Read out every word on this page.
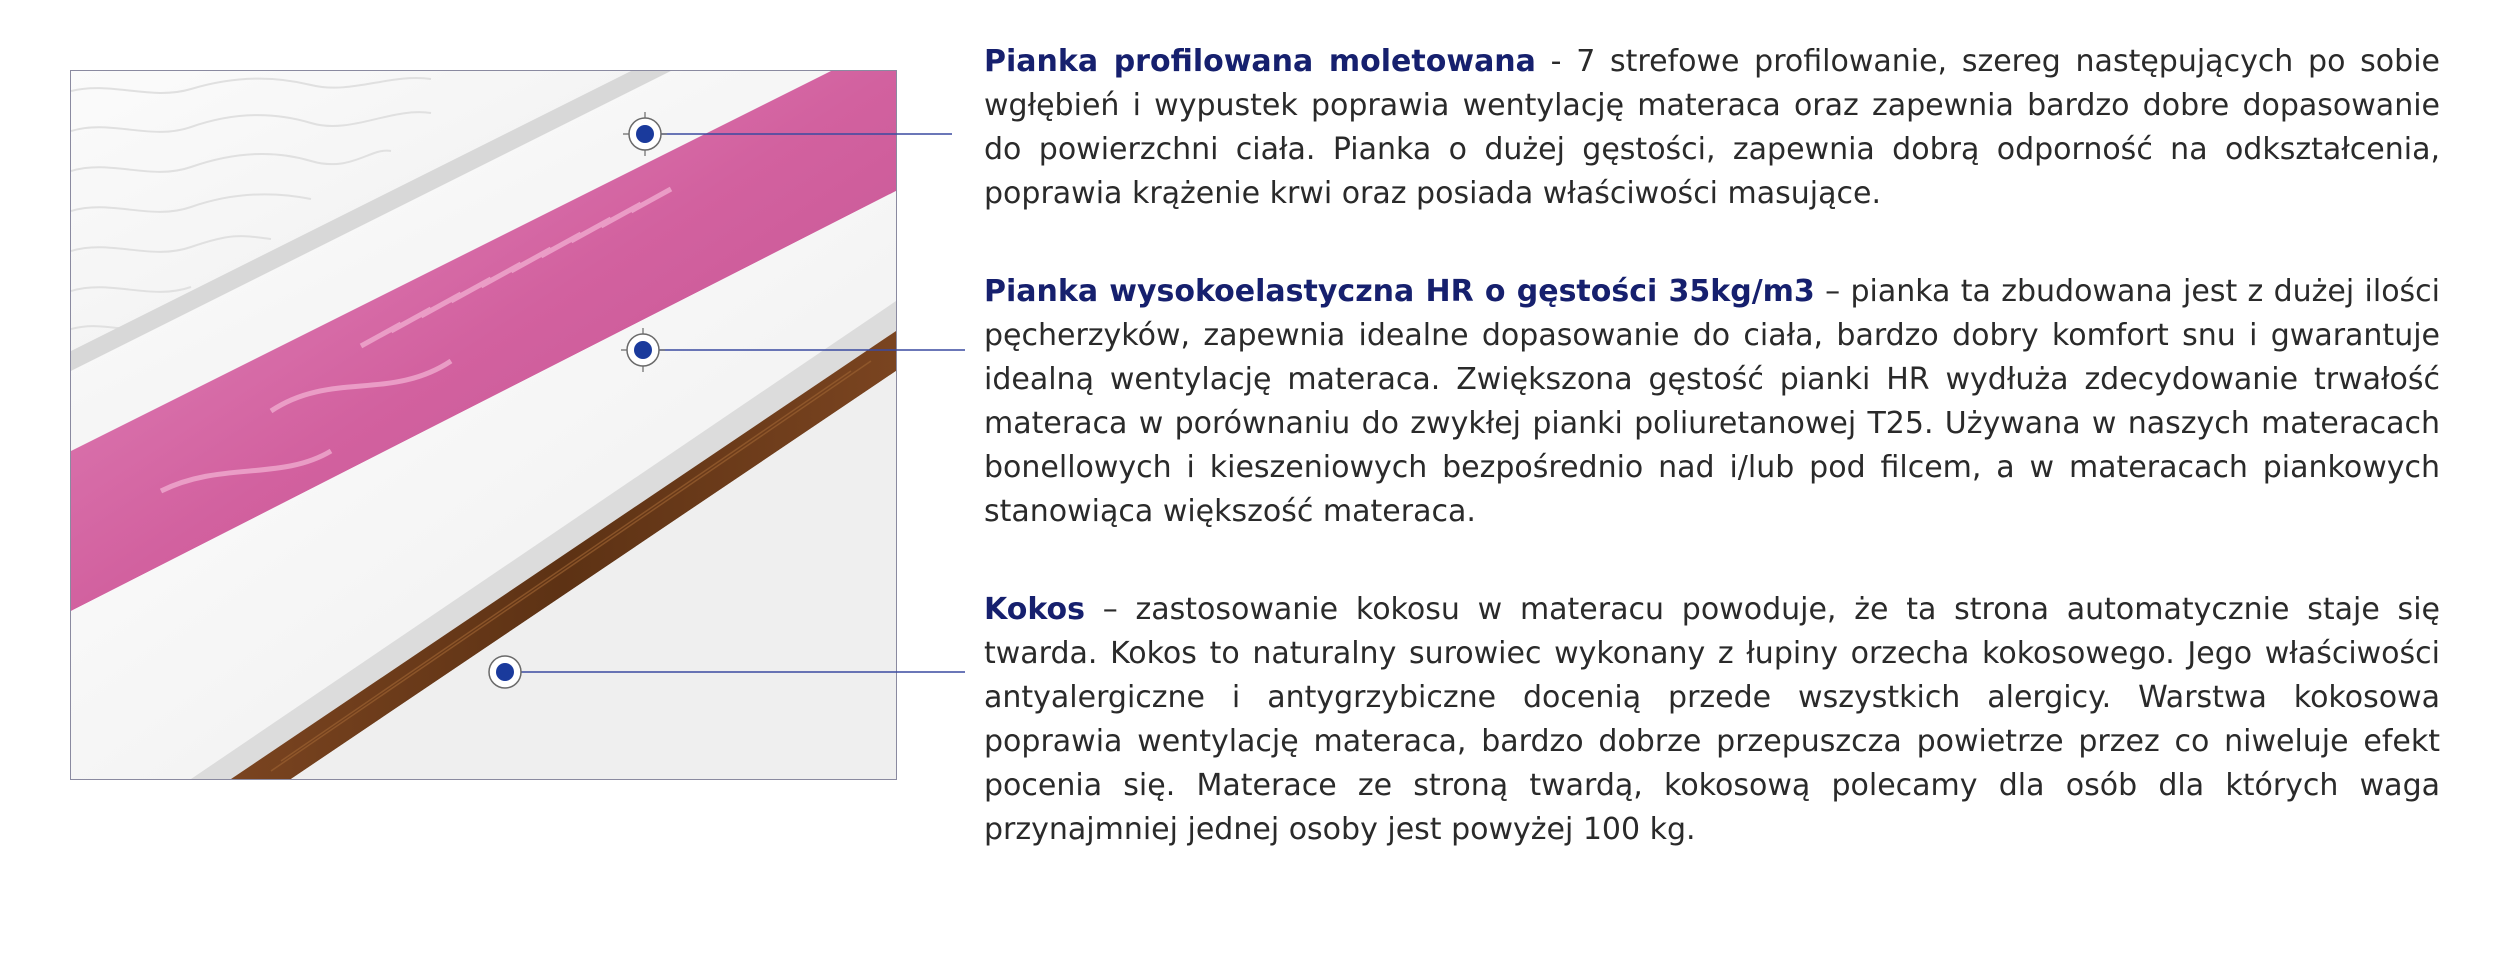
Pianka profilowana moletowana - 7 strefowe profilowanie, szereg następujących po sobie wgłębień i wypustek poprawia wentylację materaca oraz zapewnia bardzo dobre dopasowanie do powierzchni ciała. Pianka o dużej gęstości, zapewnia dobrą odporność na odkształcenia, poprawia krążenie krwi oraz posiada właściwości masujące.

Pianka wysokoelastyczna HR o gęstości 35kg/m3 – pianka ta zbudowana jest z dużej ilości pęcherzyków, zapewnia idealne dopasowanie do ciała, bardzo dobry komfort snu i gwarantuje idealną wentylację materaca. Zwiększona gęstość pianki HR wydłuża zdecydowanie trwałość materaca w porównaniu do zwykłej pianki poliuretanowej T25. Używana w naszych materacach bonellowych i kieszeniowych bezpośrednio nad i/lub pod filcem, a w materacach piankowych stanowiąca większość materaca.

Kokos – zastosowanie kokosu w materacu powoduje, że ta strona automatycznie staje się twarda. Kokos to naturalny surowiec wykonany z łupiny orzecha kokosowego. Jego właściwości antyalergiczne i antygrzybiczne docenią przede wszystkich alergicy. Warstwa kokosowa poprawia wentylację materaca, bardzo dobrze przepuszcza powietrze przez co niweluje efekt pocenia się. Materace ze stroną twardą, kokosową polecamy dla osób dla których waga przynajmniej jednej osoby jest powyżej 100 kg.
